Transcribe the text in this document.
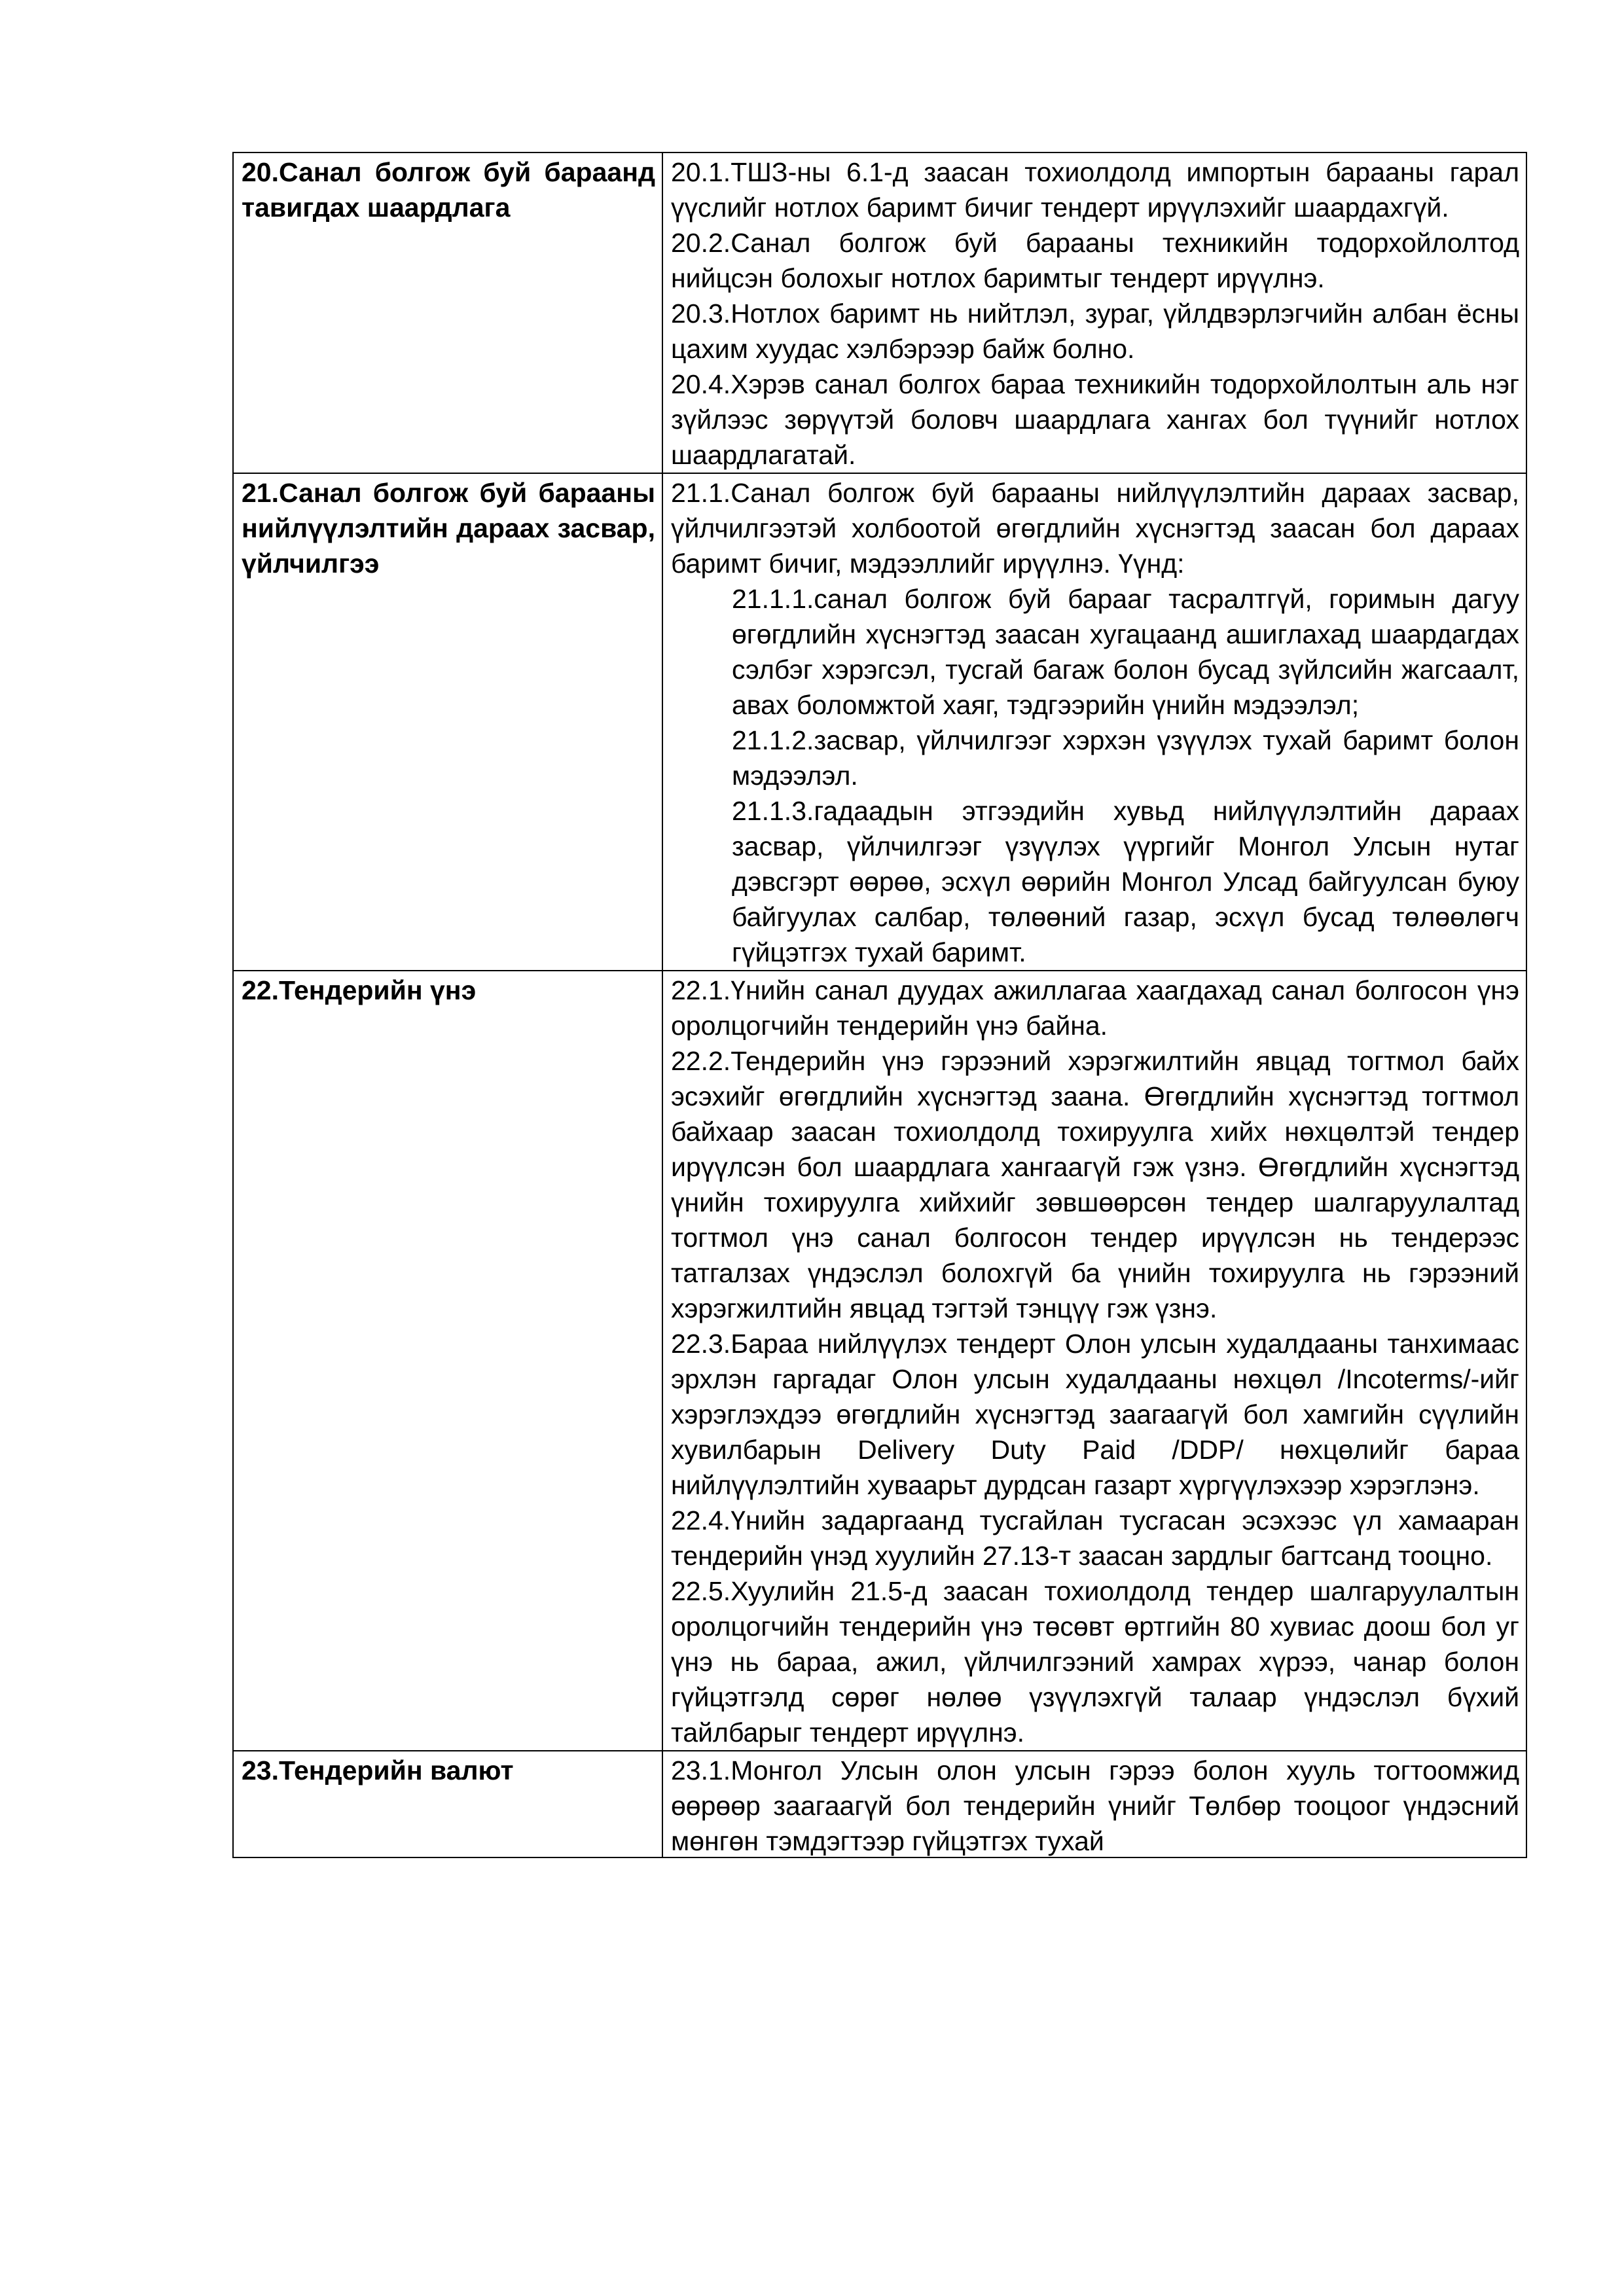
20.Санал болгож буй бараанд тавигдах шаардлага	20.1.ТШЗ-ны 6.1-д заасан тохиолдолд импортын барааны гарал үүслийг нотлох баримт бичиг тендерт ирүүлэхийг шаардахгүй.

20.2.Санал болгож буй барааны техникийн тодорхойлолтод нийцсэн болохыг нотлох баримтыг тендерт ирүүлнэ.

20.3.Нотлох баримт нь нийтлэл, зураг, үйлдвэрлэгчийн албан ёсны цахим хуудас хэлбэрээр байж болно.

20.4.Хэрэв санал болгох бараа техникийн тодорхойлолтын аль нэг зүйлээс зөрүүтэй боловч шаардлага хангах бол түүнийг нотлох шаардлагатай.

21.Санал болгож буй барааны нийлүүлэлтийн дараах засвар, үйлчилгээ	21.1.Санал болгож буй барааны нийлүүлэлтийн дараах засвар, үйлчилгээтэй холбоотой өгөгдлийн хүснэгтэд заасан бол дараах баримт бичиг, мэдээллийг ирүүлнэ. Үүнд:

21.1.1.санал болгож буй барааг тасралтгүй, горимын дагуу өгөгдлийн хүснэгтэд заасан хугацаанд ашиглахад шаардагдах сэлбэг хэрэгсэл, тусгай багаж болон бусад зүйлсийн жагсаалт, авах боломжтой хаяг, тэдгээрийн үнийн мэдээлэл;

21.1.2.засвар, үйлчилгээг хэрхэн үзүүлэх тухай баримт болон мэдээлэл.

21.1.3.гадаадын этгээдийн хувьд нийлүүлэлтийн дараах засвар, үйлчилгээг үзүүлэх үүргийг Монгол Улсын нутаг дэвсгэрт өөрөө, эсхүл өөрийн Монгол Улсад байгуулсан буюу байгуулах салбар, төлөөний газар, эсхүл бусад төлөөлөгч гүйцэтгэх тухай баримт.

22.Тендерийн үнэ	22.1.Үнийн санал дуудах ажиллагаа хаагдахад санал болгосон үнэ оролцогчийн тендерийн үнэ байна.

22.2.Тендерийн үнэ гэрээний хэрэгжилтийн явцад тогтмол байх эсэхийг өгөгдлийн хүснэгтэд заана. Өгөгдлийн хүснэгтэд тогтмол байхаар заасан тохиолдолд тохируулга хийх нөхцөлтэй тендер ирүүлсэн бол шаардлага хангаагүй гэж үзнэ. Өгөгдлийн хүснэгтэд үнийн тохируулга хийхийг зөвшөөрсөн тендер шалгаруулалтад тогтмол үнэ санал болгосон тендер ирүүлсэн нь тендерээс татгалзах үндэслэл болохгүй ба үнийн тохируулга нь гэрээний хэрэгжилтийн явцад тэгтэй тэнцүү гэж үзнэ.

22.3.Бараа нийлүүлэх тендерт Олон улсын худалдааны танхимаас эрхлэн гаргадаг Олон улсын худалдааны нөхцөл /Incoterms/-ийг хэрэглэхдээ өгөгдлийн хүснэгтэд заагаагүй бол хамгийн сүүлийн хувилбарын Delivery Duty Paid /DDP/ нөхцөлийг бараа нийлүүлэлтийн хуваарьт дурдсан газарт хүргүүлэхээр хэрэглэнэ.

22.4.Үнийн задаргаанд тусгайлан тусгасан эсэхээс үл хамааран тендерийн үнэд хуулийн 27.13-т заасан зардлыг багтсанд тооцно.

22.5.Хуулийн 21.5-д заасан тохиолдолд тендер шалгаруулалтын оролцогчийн тендерийн үнэ төсөвт өртгийн 80 хувиас доош бол уг үнэ нь бараа, ажил, үйлчилгээний хамрах хүрээ, чанар болон гүйцэтгэлд сөрөг нөлөө үзүүлэхгүй талаар үндэслэл бүхий тайлбарыг тендерт ирүүлнэ.

23.Тендерийн валют	23.1.Монгол Улсын олон улсын гэрээ болон хууль тогтоомжид өөрөөр заагаагүй бол тендерийн үнийг Төлбөр тооцоог үндэсний мөнгөн тэмдэгтээр гүйцэтгэх тухай
